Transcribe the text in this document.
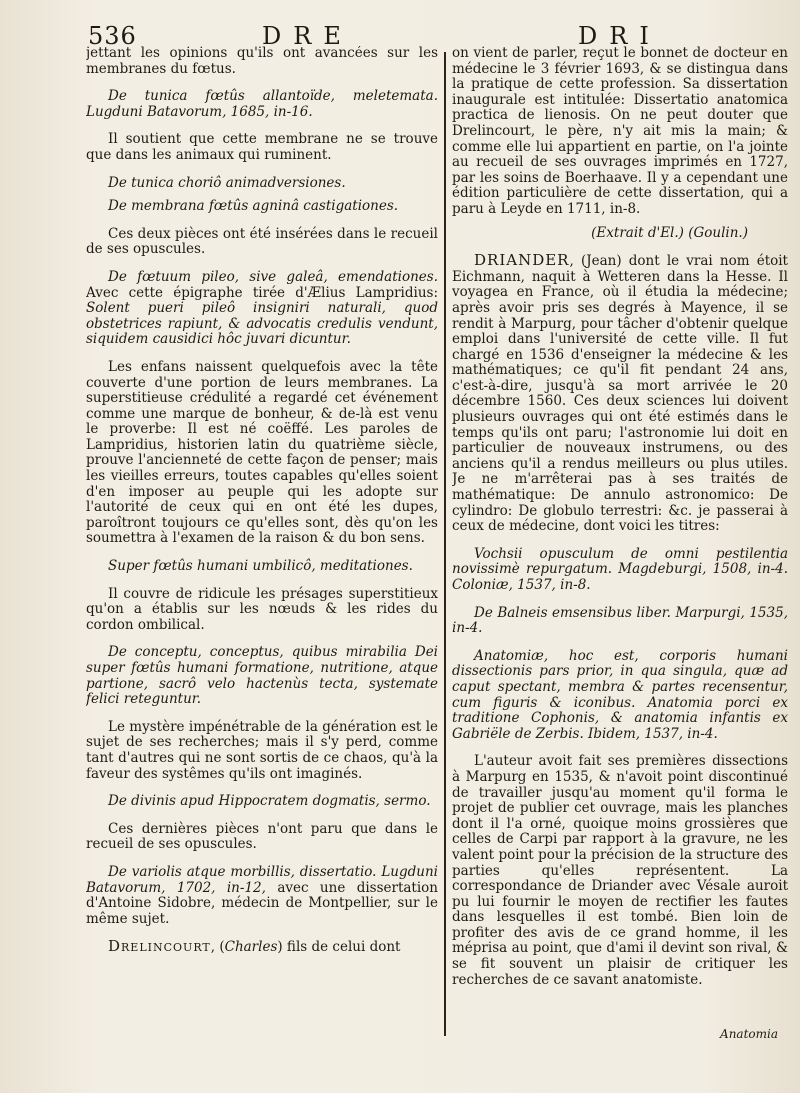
536	DRE	DRI

jettant les opinions qu'ils ont avancées sur les membranes du fœtus.

De tunica fœtûs allantoïde, meletemata. Lugduni Batavorum, 1685, in-16.

Il soutient que cette membrane ne se trouve que dans les animaux qui ruminent.

De tunica choriô animadversiones.

De membrana fœtûs agninâ castigationes.

Ces deux pièces ont été insérées dans le recueil de ses opuscules.

De fœtuum pileo, sive galeâ, emendationes. Avec cette épigraphe tirée d'Ælius Lampridius: Solent pueri pileô insigniri naturali, quod obstetrices rapiunt, & advocatis credulis vendunt, siquidem causidici hôc juvari dicuntur.

Les enfans naissent quelquefois avec la tête couverte d'une portion de leurs membranes. La superstitieuse crédulité a regardé cet événement comme une marque de bonheur, & de-là est venu le proverbe: Il est né coëffé. Les paroles de Lampridius, historien latin du quatrième siècle, prouve l'ancienneté de cette façon de penser; mais les vieilles erreurs, toutes capables qu'elles soient d'en imposer au peuple qui les adopte sur l'autorité de ceux qui en ont été les dupes, paroîtront toujours ce qu'elles sont, dès qu'on les soumettra à l'examen de la raison & du bon sens.

Super fœtûs humani umbilicô, meditationes.

Il couvre de ridicule les présages superstitieux qu'on a établis sur les nœuds & les rides du cordon ombilical.

De conceptu, conceptus, quibus mirabilia Dei super fœtûs humani formatione, nutritione, atque partione, sacrô velo hactenùs tecta, systemate felici reteguntur.

Le mystère impénétrable de la génération est le sujet de ses recherches; mais il s'y perd, comme tant d'autres qui ne sont sortis de ce chaos, qu'à la faveur des systêmes qu'ils ont imaginés.

De divinis apud Hippocratem dogmatis, sermo.

Ces dernières pièces n'ont paru que dans le recueil de ses opuscules.

De variolis atque morbillis, dissertatio. Lugduni Batavorum, 1702, in-12, avec une dissertation d'Antoine Sidobre, médecin de Montpellier, sur le même sujet.

Drelincourt, (Charles) fils de celui dont

on vient de parler, reçut le bonnet de docteur en médecine le 3 février 1693, & se distingua dans la pratique de cette profession. Sa dissertation inaugurale est intitulée: Dissertatio anatomica practica de lienosis. On ne peut douter que Drelincourt, le père, n'y ait mis la main; & comme elle lui appartient en partie, on l'a jointe au recueil de ses ouvrages imprimés en 1727, par les soins de Boerhaave. Il y a cependant une édition particulière de cette dissertation, qui a paru à Leyde en 1711, in-8.

(Extrait d'El.) (Goulin.)

DRIANDER, (Jean) dont le vrai nom étoit Eichmann, naquit à Wetteren dans la Hesse. Il voyagea en France, où il étudia la médecine; après avoir pris ses degrés à Mayence, il se rendit à Marpurg, pour tâcher d'obtenir quelque emploi dans l'université de cette ville. Il fut chargé en 1536 d'enseigner la médecine & les mathématiques; ce qu'il fit pendant 24 ans, c'est-à-dire, jusqu'à sa mort arrivée le 20 décembre 1560. Ces deux sciences lui doivent plusieurs ouvrages qui ont été estimés dans le temps qu'ils ont paru; l'astronomie lui doit en particulier de nouveaux instrumens, ou des anciens qu'il a rendus meilleurs ou plus utiles. Je ne m'arrêterai pas à ses traités de mathématique: De annulo astronomico: De cylindro: De globulo terrestri: &c. je passerai à ceux de médecine, dont voici les titres:

Vochsii opusculum de omni pestilentia novissimè repurgatum. Magdeburgi, 1508, in-4. Coloniæ, 1537, in-8.

De Balneis emsensibus liber. Marpurgi, 1535, in-4.

Anatomiæ, hoc est, corporis humani dissectionis pars prior, in qua singula, quæ ad caput spectant, membra & partes recensentur, cum figuris & iconibus. Anatomia porci ex traditione Cophonis, & anatomia infantis ex Gabriële de Zerbis. Ibidem, 1537, in-4.

L'auteur avoit fait ses premières dissections à Marpurg en 1535, & n'avoit point discontinué de travailler jusqu'au moment qu'il forma le projet de publier cet ouvrage, mais les planches dont il l'a orné, quoique moins grossières que celles de Carpi par rapport à la gravure, ne les valent point pour la précision de la structure des parties qu'elles représentent. La correspondance de Driander avec Vésale auroit pu lui fournir le moyen de rectifier les fautes dans lesquelles il est tombé. Bien loin de profiter des avis de ce grand homme, il les méprisa au point, que d'ami il devint son rival, & se fit souvent un plaisir de critiquer les recherches de ce savant anatomiste.

Anatomia
